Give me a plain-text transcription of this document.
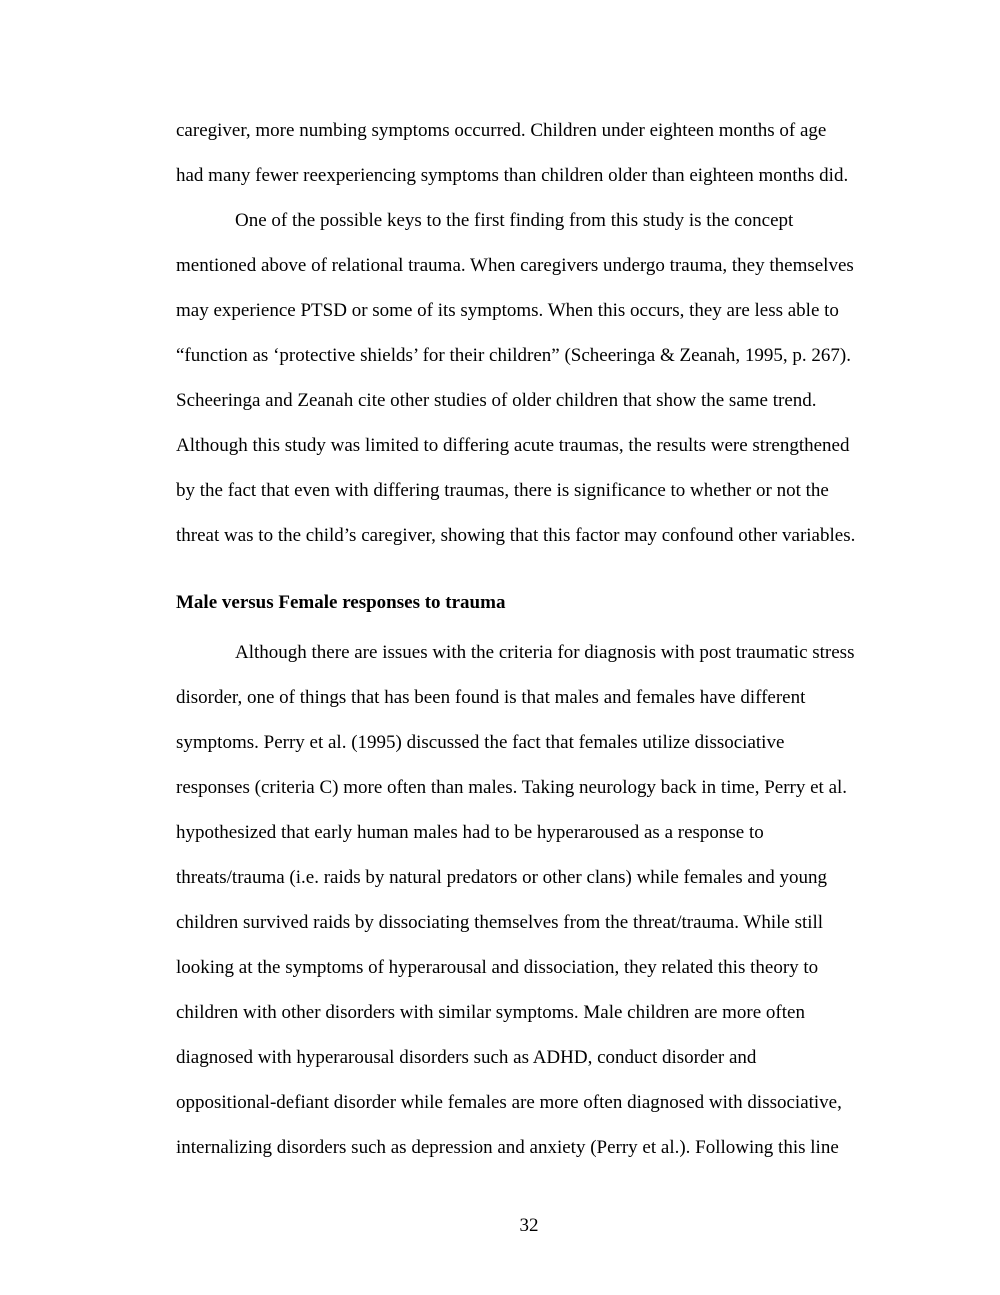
caregiver, more numbing symptoms occurred. Children under eighteen months of age
had many fewer reexperiencing symptoms than children older than eighteen months did.
One of the possible keys to the first finding from this study is the concept
mentioned above of relational trauma. When caregivers undergo trauma, they themselves
may experience PTSD or some of its symptoms. When this occurs, they are less able to
“function as ‘protective shields’ for their children” (Scheeringa & Zeanah, 1995, p. 267).
Scheeringa and Zeanah cite other studies of older children that show the same trend.
Although this study was limited to differing acute traumas, the results were strengthened
by the fact that even with differing traumas, there is significance to whether or not the
threat was to the child’s caregiver, showing that this factor may confound other variables.
Male versus Female responses to trauma
Although there are issues with the criteria for diagnosis with post traumatic stress
disorder, one of things that has been found is that males and females have different
symptoms. Perry et al. (1995) discussed the fact that females utilize dissociative
responses (criteria C) more often than males. Taking neurology back in time, Perry et al.
hypothesized that early human males had to be hyperaroused as a response to
threats/trauma (i.e. raids by natural predators or other clans) while females and young
children survived raids by dissociating themselves from the threat/trauma. While still
looking at the symptoms of hyperarousal and dissociation, they related this theory to
children with other disorders with similar symptoms. Male children are more often
diagnosed with hyperarousal disorders such as ADHD, conduct disorder and
oppositional-defiant disorder while females are more often diagnosed with dissociative,
internalizing disorders such as depression and anxiety (Perry et al.). Following this line
32
